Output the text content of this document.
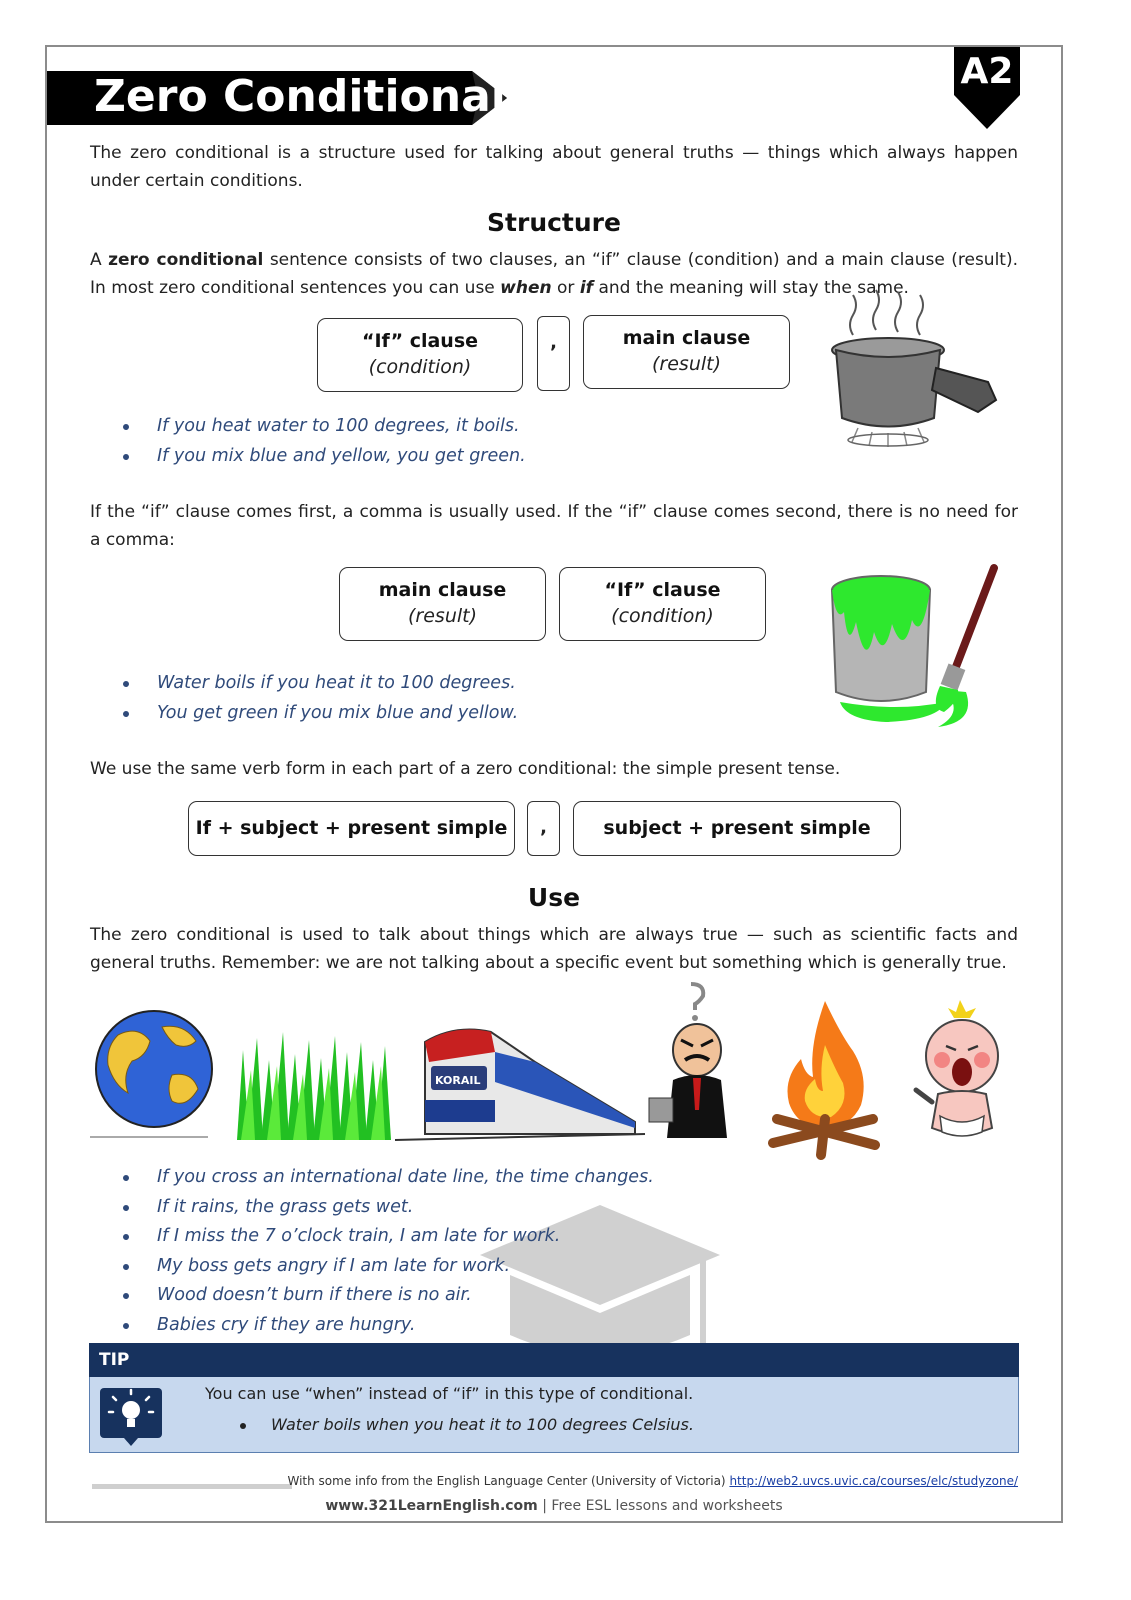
Zero Conditional	A2
The zero conditional is a structure used for talking about general truths — things which always happen under certain conditions.
Structure
A zero conditional sentence consists of two clauses, an “if” clause (condition) and a main clause (result). In most zero conditional sentences you can use when or if and the meaning will stay the same.
“If” clause
(condition)
,	main clause
(result)
If you heat water to 100 degrees, it boils.
If you mix blue and yellow, you get green.
If the “if” clause comes first, a comma is usually used. If the “if” clause comes second, there is no need for a comma:
main clause
(result)
“If” clause
(condition)
Water boils if you heat it to 100 degrees.
You get green if you mix blue and yellow.
We use the same verb form in each part of a zero conditional: the simple present tense.
If + subject + present simple	,	subject + present simple
Use
The zero conditional is used to talk about things which are always true — such as scientific facts and general truths. Remember: we are not talking about a specific event but something which is generally true.
KORAIL
If you cross an international date line, the time changes.
If it rains, the grass gets wet.
If I miss the 7 o’clock train, I am late for work.
My boss gets angry if I am late for work.
Wood doesn’t burn if there is no air.
Babies cry if they are hungry.
TIP
You can use “when” instead of “if” in this type of conditional.
Water boils when you heat it to 100 degrees Celsius.
With some info from the English Language Center (University of Victoria) http://web2.uvcs.uvic.ca/courses/elc/studyzone/
www.321LearnEnglish.com | Free ESL lessons and worksheets
